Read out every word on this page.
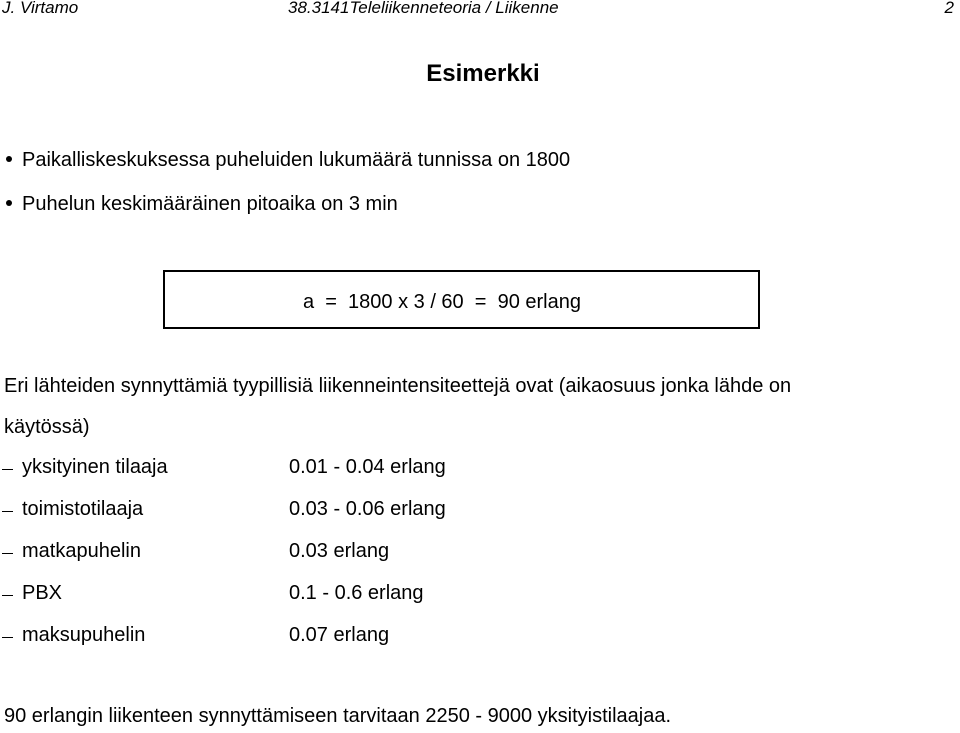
J. Virtamo	38.3141Teleliikenneteoria / Liikenne	2
Esimerkki
Paikalliskeskuksessa puheluiden lukumäärä tunnissa on 1800
Puhelun keskimääräinen pitoaika on 3 min
a  =  1800 x 3 / 60  =  90 erlang
Eri lähteiden synnyttämiä tyypillisiä liikenneintensiteettejä ovat (aikaosuus jonka lähde on
käytössä)
yksityinen tilaaja	0.01 - 0.04 erlang
toimistotilaaja	0.03 - 0.06 erlang
matkapuhelin	0.03 erlang
PBX	0.1 - 0.6 erlang
maksupuhelin	0.07 erlang
90 erlangin liikenteen synnyttämiseen tarvitaan 2250 - 9000 yksityistilaajaa.
